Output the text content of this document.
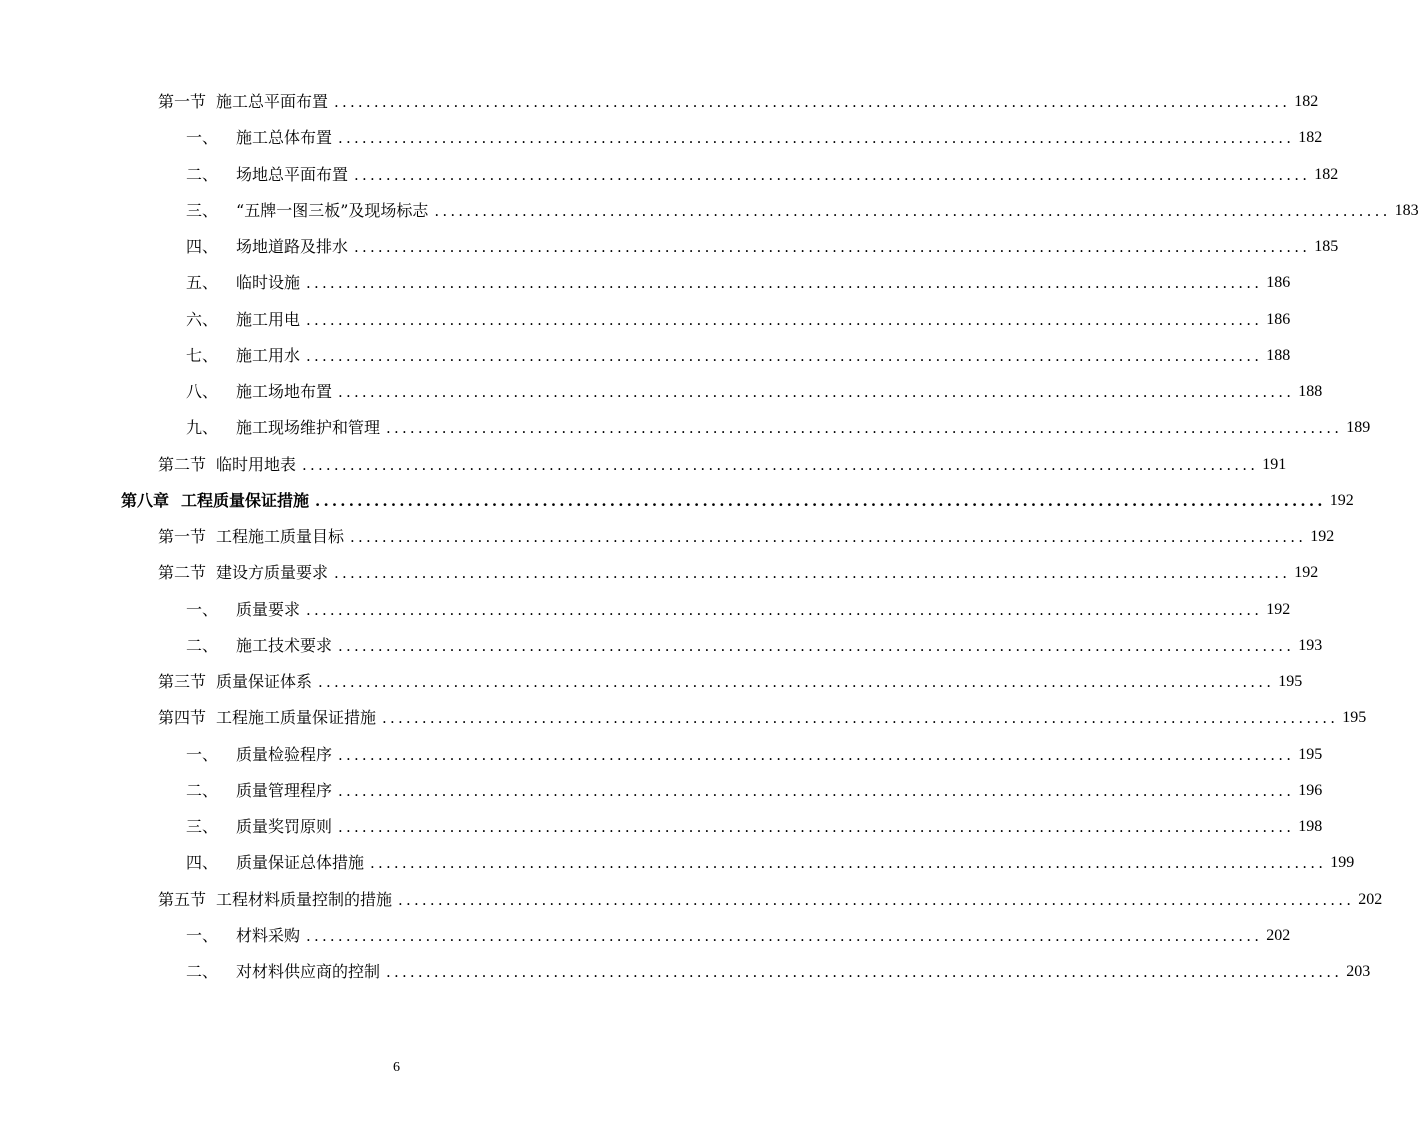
第一节 施工总平面布置 ........................................................................................................................ 182
一、 施工总体布置 ........................................................................................................................ 182
二、 场地总平面布置 ........................................................................................................................ 182
三、 “五牌一图三板”及现场标志 ........................................................................................................................ 183
四、 场地道路及排水 ........................................................................................................................ 185
五、 临时设施 ........................................................................................................................ 186
六、 施工用电 ........................................................................................................................ 186
七、 施工用水 ........................................................................................................................ 188
八、 施工场地布置 ........................................................................................................................ 188
九、 施工现场维护和管理 ........................................................................................................................ 189
第二节 临时用地表 ........................................................................................................................ 191
第八章 工程质量保证措施 ........................................................................................................................ 192
第一节 工程施工质量目标 ........................................................................................................................ 192
第二节 建设方质量要求 ........................................................................................................................ 192
一、 质量要求 ........................................................................................................................ 192
二、 施工技术要求 ........................................................................................................................ 193
第三节 质量保证体系 ........................................................................................................................ 195
第四节 工程施工质量保证措施 ........................................................................................................................ 195
一、 质量检验程序 ........................................................................................................................ 195
二、 质量管理程序 ........................................................................................................................ 196
三、 质量奖罚原则 ........................................................................................................................ 198
四、 质量保证总体措施 ........................................................................................................................ 199
第五节 工程材料质量控制的措施 ........................................................................................................................ 202
一、 材料采购 ........................................................................................................................ 202
二、 对材料供应商的控制 ........................................................................................................................ 203
6
